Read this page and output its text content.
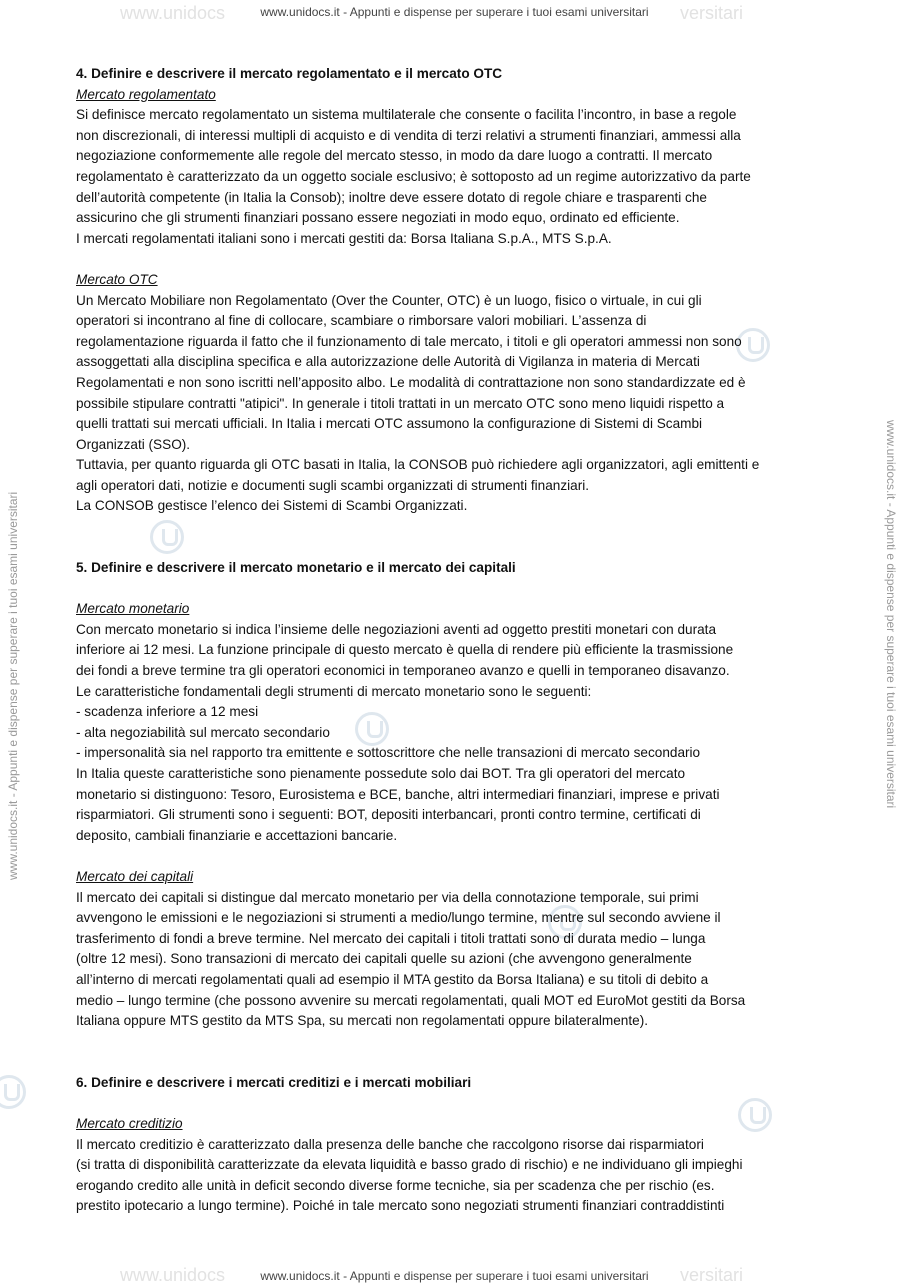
www.unidocs	versitari
www.unidocs	versitari
www.unidocs.it - Appunti e dispense per superare i tuoi esami universitari
www.unidocs.it - Appunti e dispense per superare i tuoi esami universitari
www.unidocs.it - Appunti e dispense per superare i tuoi esami universitari	www.unidocs.it - Appunti e dispense per superare i tuoi esami universitari

4. Definire e descrivere il mercato regolamentato e il mercato OTC

Mercato regolamentato

Si definisce mercato regolamentato un sistema multilaterale che consente o facilita l’incontro, in base a regole

non discrezionali, di interessi multipli di acquisto e di vendita di terzi relativi a strumenti finanziari, ammessi alla

negoziazione conformemente alle regole del mercato stesso, in modo da dare luogo a contratti. Il mercato

regolamentato è caratterizzato da un oggetto sociale esclusivo; è sottoposto ad un regime autorizzativo da parte

dell’autorità competente (in Italia la Consob); inoltre deve essere dotato di regole chiare e trasparenti che

assicurino che gli strumenti finanziari possano essere negoziati in modo equo, ordinato ed efficiente.

I mercati regolamentati italiani sono i mercati gestiti da: Borsa Italiana S.p.A., MTS S.p.A.

Mercato OTC

Un Mercato Mobiliare non Regolamentato (Over the Counter, OTC) è un luogo, fisico o virtuale, in cui gli

operatori si incontrano al fine di collocare, scambiare o rimborsare valori mobiliari. L’assenza di

regolamentazione riguarda il fatto che il funzionamento di tale mercato, i titoli e gli operatori ammessi non sono

assoggettati alla disciplina specifica e alla autorizzazione delle Autorità di Vigilanza in materia di Mercati

Regolamentati e non sono iscritti nell’apposito albo. Le modalità di contrattazione non sono standardizzate ed è

possibile stipulare contratti "atipici". In generale i titoli trattati in un mercato OTC sono meno liquidi rispetto a

quelli trattati sui mercati ufficiali. In Italia i mercati OTC assumono la configurazione di Sistemi di Scambi

Organizzati (SSO).

Tuttavia, per quanto riguarda gli OTC basati in Italia, la CONSOB può richiedere agli organizzatori, agli emittenti e

agli operatori dati, notizie e documenti sugli scambi organizzati di strumenti finanziari.

La CONSOB gestisce l’elenco dei Sistemi di Scambi Organizzati.

5. Definire e descrivere il mercato monetario e il mercato dei capitali

Mercato monetario

Con mercato monetario si indica l’insieme delle negoziazioni aventi ad oggetto prestiti monetari con durata

inferiore ai 12 mesi. La funzione principale di questo mercato è quella di rendere più efficiente la trasmissione

dei fondi a breve termine tra gli operatori economici in temporaneo avanzo e quelli in temporaneo disavanzo.

Le caratteristiche fondamentali degli strumenti di mercato monetario sono le seguenti:

- scadenza inferiore a 12 mesi

- alta negoziabilità sul mercato secondario

- impersonalità sia nel rapporto tra emittente e sottoscrittore che nelle transazioni di mercato secondario

In Italia queste caratteristiche sono pienamente possedute solo dai BOT. Tra gli operatori del mercato

monetario si distinguono: Tesoro, Eurosistema e BCE, banche, altri intermediari finanziari, imprese e privati

risparmiatori. Gli strumenti sono i seguenti: BOT, depositi interbancari, pronti contro termine, certificati di

deposito, cambiali finanziarie e accettazioni bancarie.

Mercato dei capitali

Il mercato dei capitali si distingue dal mercato monetario per via della connotazione temporale, sui primi

avvengono le emissioni e le negoziazioni si strumenti a medio/lungo termine, mentre sul secondo avviene il

trasferimento di fondi a breve termine. Nel mercato dei capitali i titoli trattati sono di durata medio – lunga

(oltre 12 mesi). Sono transazioni di mercato dei capitali quelle su azioni (che avvengono generalmente

all’interno di mercati regolamentati quali ad esempio il MTA gestito da Borsa Italiana) e su titoli di debito a

medio – lungo termine (che possono avvenire su mercati regolamentati, quali MOT ed EuroMot gestiti da Borsa

Italiana oppure MTS gestito da MTS Spa, su mercati non regolamentati oppure bilateralmente).

6. Definire e descrivere i mercati creditizi e i mercati mobiliari

Mercato creditizio

Il mercato creditizio è caratterizzato dalla presenza delle banche che raccolgono risorse dai risparmiatori

(si tratta di disponibilità caratterizzate da elevata liquidità e basso grado di rischio) e ne individuano gli impieghi

erogando credito alle unità in deficit secondo diverse forme tecniche, sia per scadenza che per rischio (es.

prestito ipotecario a lungo termine). Poiché in tale mercato sono negoziati strumenti finanziari contraddistinti
